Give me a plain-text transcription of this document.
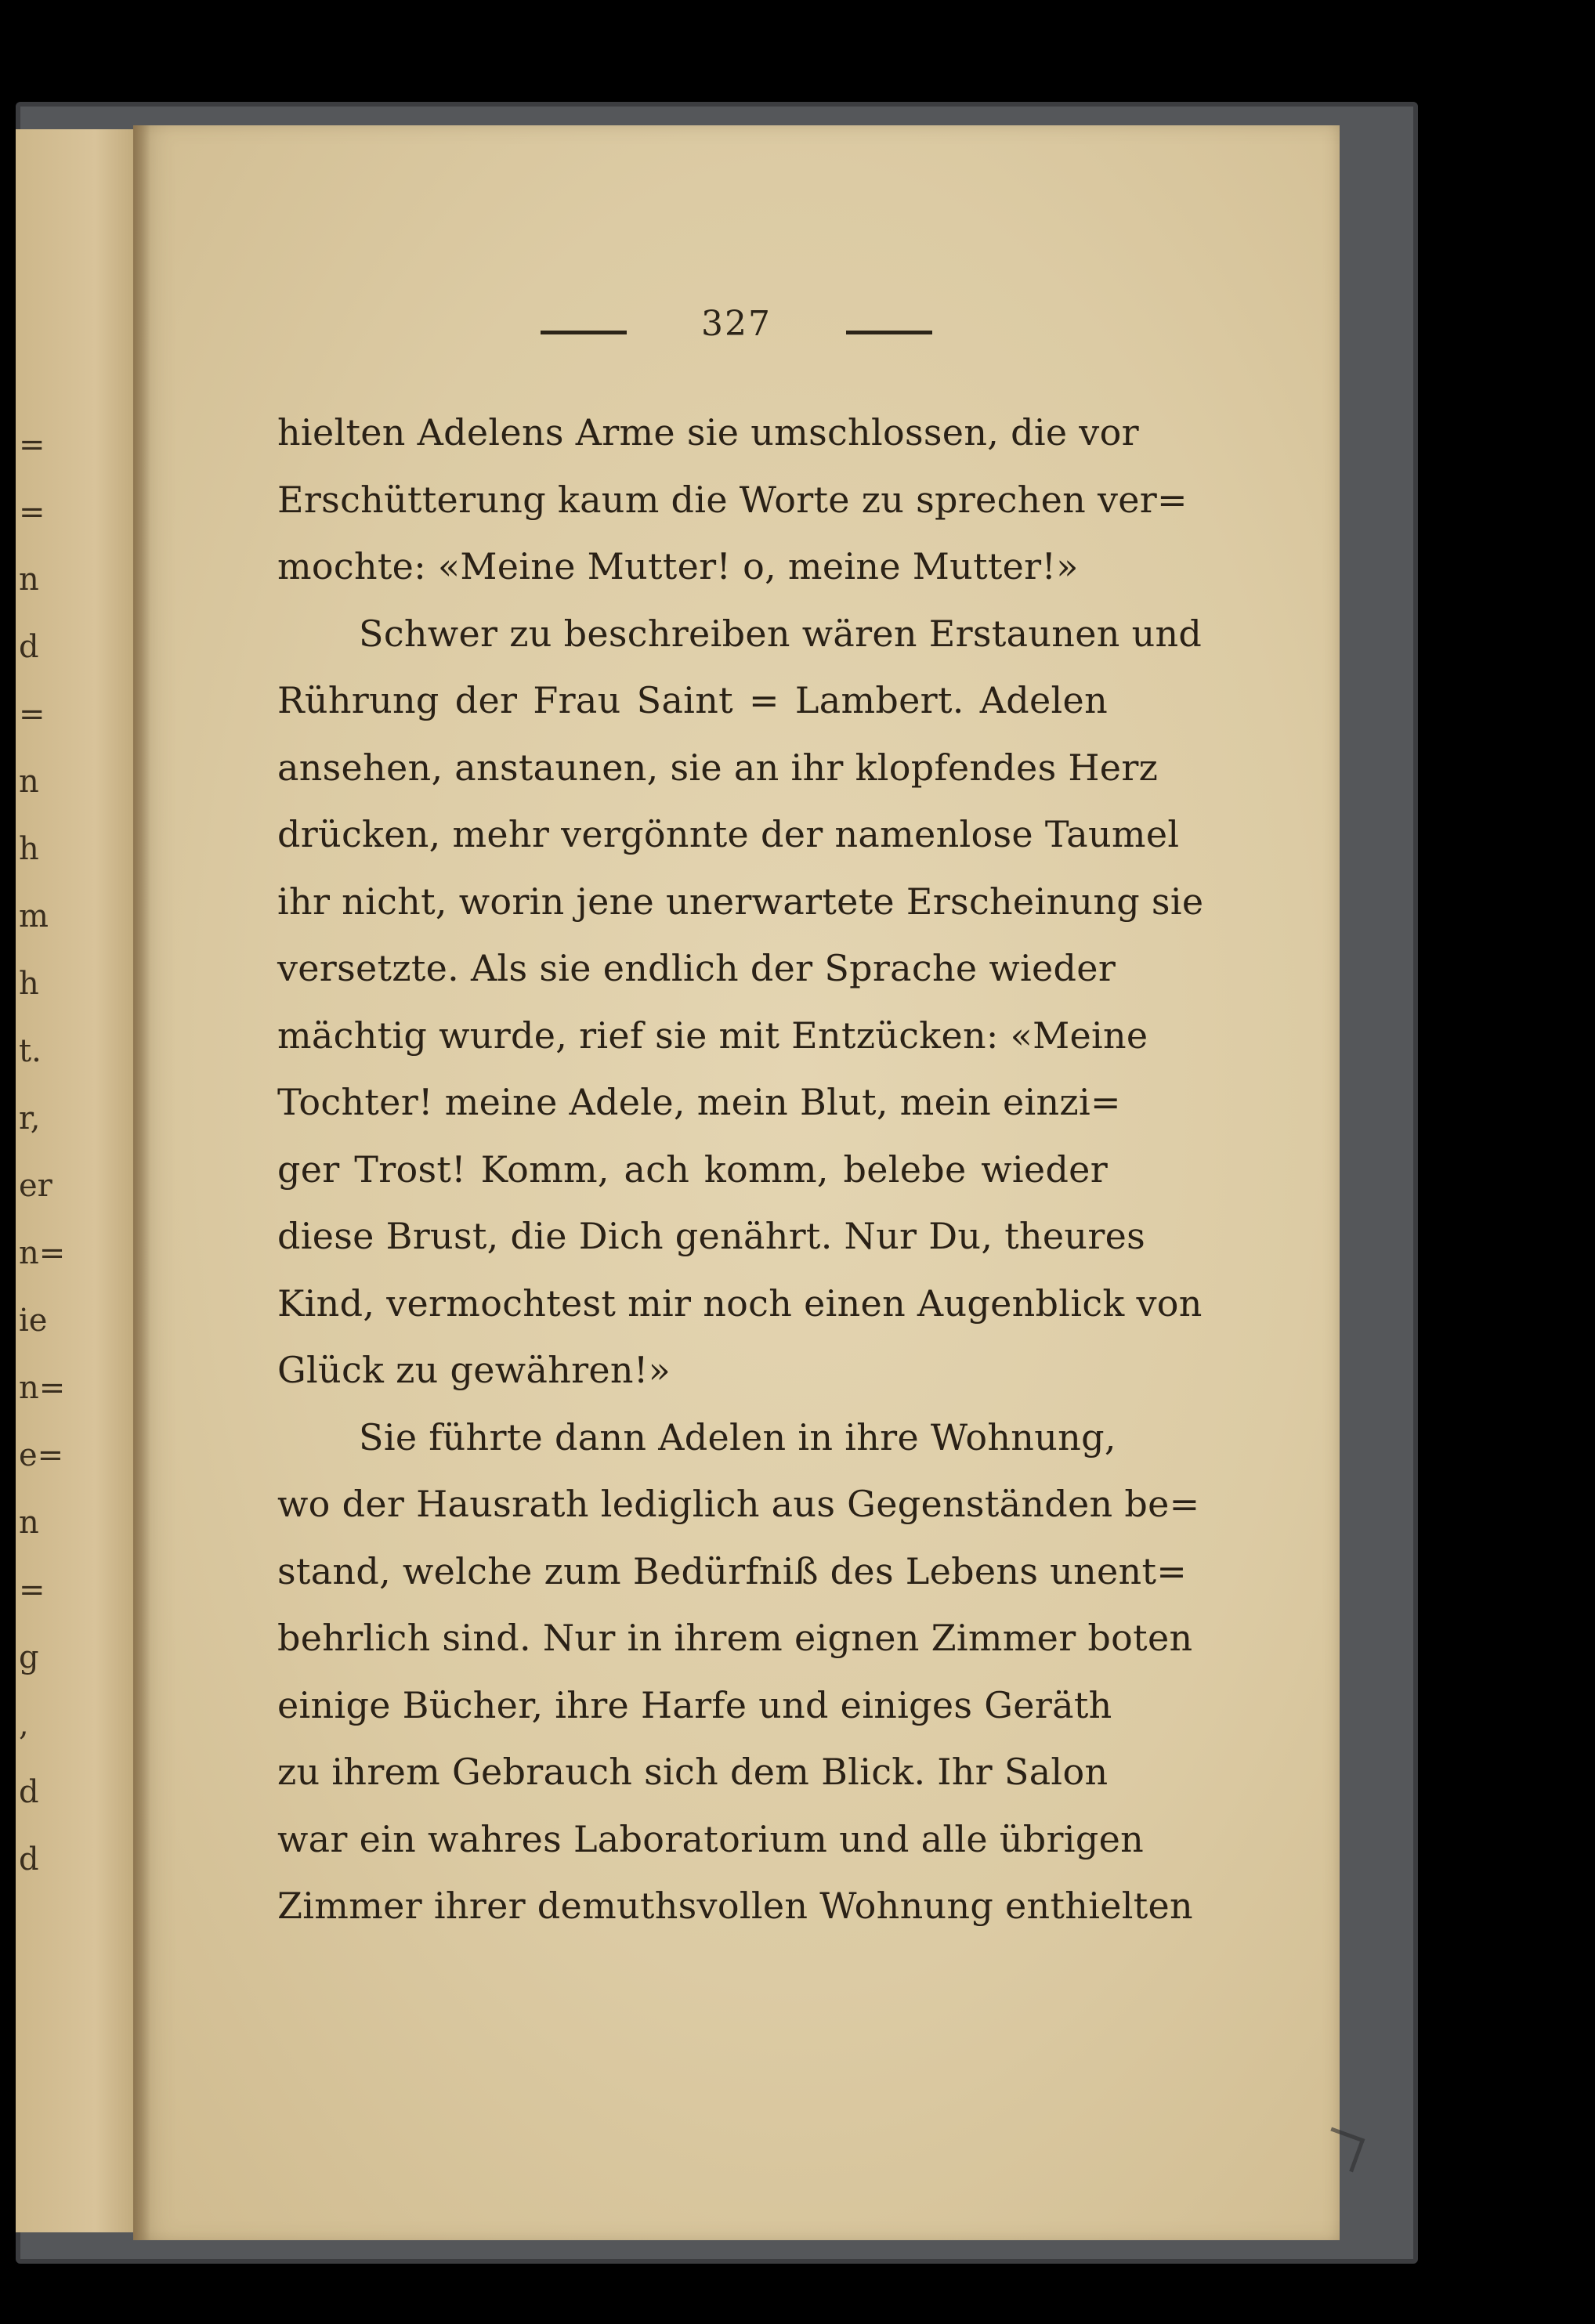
=
=
n
d
=
n
h
m
h
t.
r,
er
n=
ie
n=
e=
n
=
g
,
d
d
327
hielten Adelens Arme sie umschlossen, die vor
Erschütterung kaum die Worte zu sprechen ver=
mochte: «Meine Mutter! o, meine Mutter!»
Schwer zu beschreiben wären Erstaunen und
Rührung der Frau Saint = Lambert. Adelen
ansehen, anstaunen, sie an ihr klopfendes Herz
drücken, mehr vergönnte der namenlose Taumel
ihr nicht, worin jene unerwartete Erscheinung sie
versetzte. Als sie endlich der Sprache wieder
mächtig wurde, rief sie mit Entzücken: «Meine
Tochter! meine Adele, mein Blut, mein einzi=
ger Trost! Komm, ach komm, belebe wieder
diese Brust, die Dich genährt. Nur Du, theures
Kind, vermochtest mir noch einen Augenblick von
Glück zu gewähren!»
Sie führte dann Adelen in ihre Wohnung,
wo der Hausrath lediglich aus Gegenständen be=
stand, welche zum Bedürfniß des Lebens unent=
behrlich sind. Nur in ihrem eignen Zimmer boten
einige Bücher, ihre Harfe und einiges Geräth
zu ihrem Gebrauch sich dem Blick. Ihr Salon
war ein wahres Laboratorium und alle übrigen
Zimmer ihrer demuthsvollen Wohnung enthielten
